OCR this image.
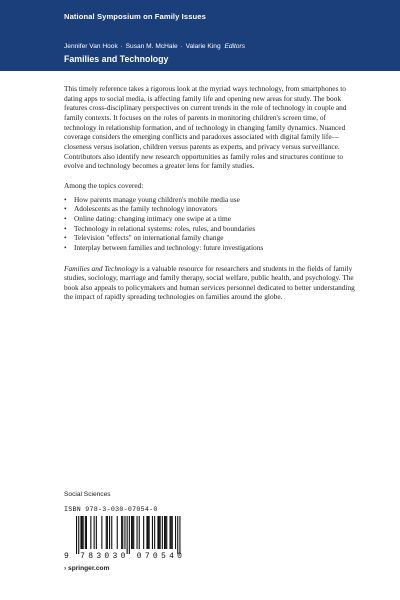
National Symposium on Family Issues
Jennifer Van Hook · Susan M. McHale · Valarie King Editors
Families and Technology

This timely reference takes a rigorous look at the myriad ways technology, from smartphones to dating apps to social media, is affecting family life and opening new areas for study. The book features cross-disciplinary perspectives on current trends in the role of technology in couple and family contexts. It focuses on the roles of parents in monitoring children's screen time, of technology in relationship formation, and of technology in changing family dynamics. Nuanced coverage considers the emerging conflicts and paradoxes associated with digital family life—closeness versus isolation, children versus parents as experts, and privacy versus surveillance. Contributors also identify new research opportunities as family roles and structures continue to evolve and technology becomes a greater lens for family studies.

Among the topics covered:

• How parents manage young children's mobile media use
• Adolescents as the family technology innovators
• Online dating: changing intimacy one swipe at a time
• Technology in relational systems: roles, rules, and boundaries
• Television "effects" on international family change
• Interplay between families and technology: future investigations

Families and Technology is a valuable resource for researchers and students in the fields of family studies, sociology, marriage and family therapy, social welfare, public health, and psychology. The book also appeals to policymakers and human services personnel dedicated to better understanding the impact of rapidly spreading technologies on families around the globe.

Social Sciences
ISBN 978-3-030-07054-0
9 783030 070540
› springer.com
